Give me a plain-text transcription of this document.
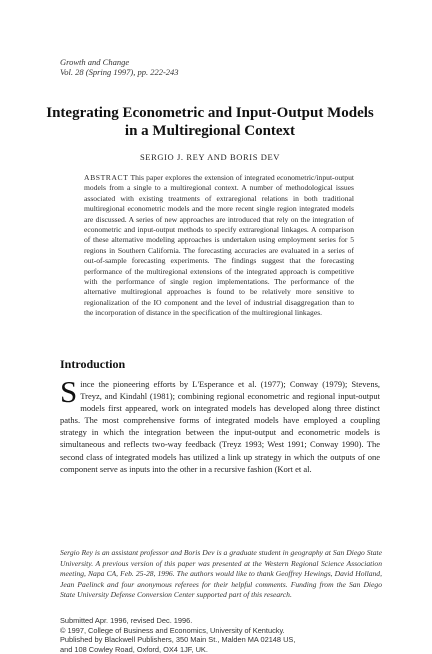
Growth and Change
Vol. 28 (Spring 1997), pp. 222-243
Integrating Econometric and Input-Output Models in a Multiregional Context
SERGIO J. REY AND BORIS DEV
ABSTRACT This paper explores the extension of integrated econometric/input-output models from a single to a multiregional context. A number of methodological issues associated with existing treatments of extraregional relations in both traditional multiregional econometric models and the more recent single region integrated models are discussed. A series of new approaches are introduced that rely on the integration of econometric and input-output methods to specify extraregional linkages. A comparison of these alternative modeling approaches is undertaken using employment series for 5 regions in Southern California. The forecasting accuracies are evaluated in a series of out-of-sample forecasting experiments. The findings suggest that the forecasting performance of the multiregional extensions of the integrated approach is competitive with the performance of single region implementations. The performance of the alternative multiregional approaches is found to be relatively more sensitive to regionalization of the IO component and the level of industrial disaggregation than to the incorporation of distance in the specification of the multiregional linkages.
Introduction
Since the pioneering efforts by L'Esperance et al. (1977); Conway (1979); Stevens, Treyz, and Kindahl (1981); combining regional econometric and regional input-output models first appeared, work on integrated models has developed along three distinct paths. The most comprehensive forms of integrated models have employed a coupling strategy in which the integration between the input-output and econometric models is simultaneous and reflects two-way feedback (Treyz 1993; West 1991; Conway 1990). The second class of integrated models has utilized a link up strategy in which the outputs of one component serve as inputs into the other in a recursive fashion (Kort et al.
Sergio Rey is an assistant professor and Boris Dev is a graduate student in geography at San Diego State University. A previous version of this paper was presented at the Western Regional Science Association meeting, Napa CA, Feb. 25-28, 1996. The authors would like to thank Geoffrey Hewings, David Holland, Jean Paelinck and four anonymous referees for their helpful comments. Funding from the San Diego State University Defense Conversion Center supported part of this research.
Submitted Apr. 1996, revised Dec. 1996.
© 1997, College of Business and Economics, University of Kentucky.
Published by Blackwell Publishers, 350 Main St., Malden MA 02148 US,
and 108 Cowley Road, Oxford, OX4 1JF, UK.
